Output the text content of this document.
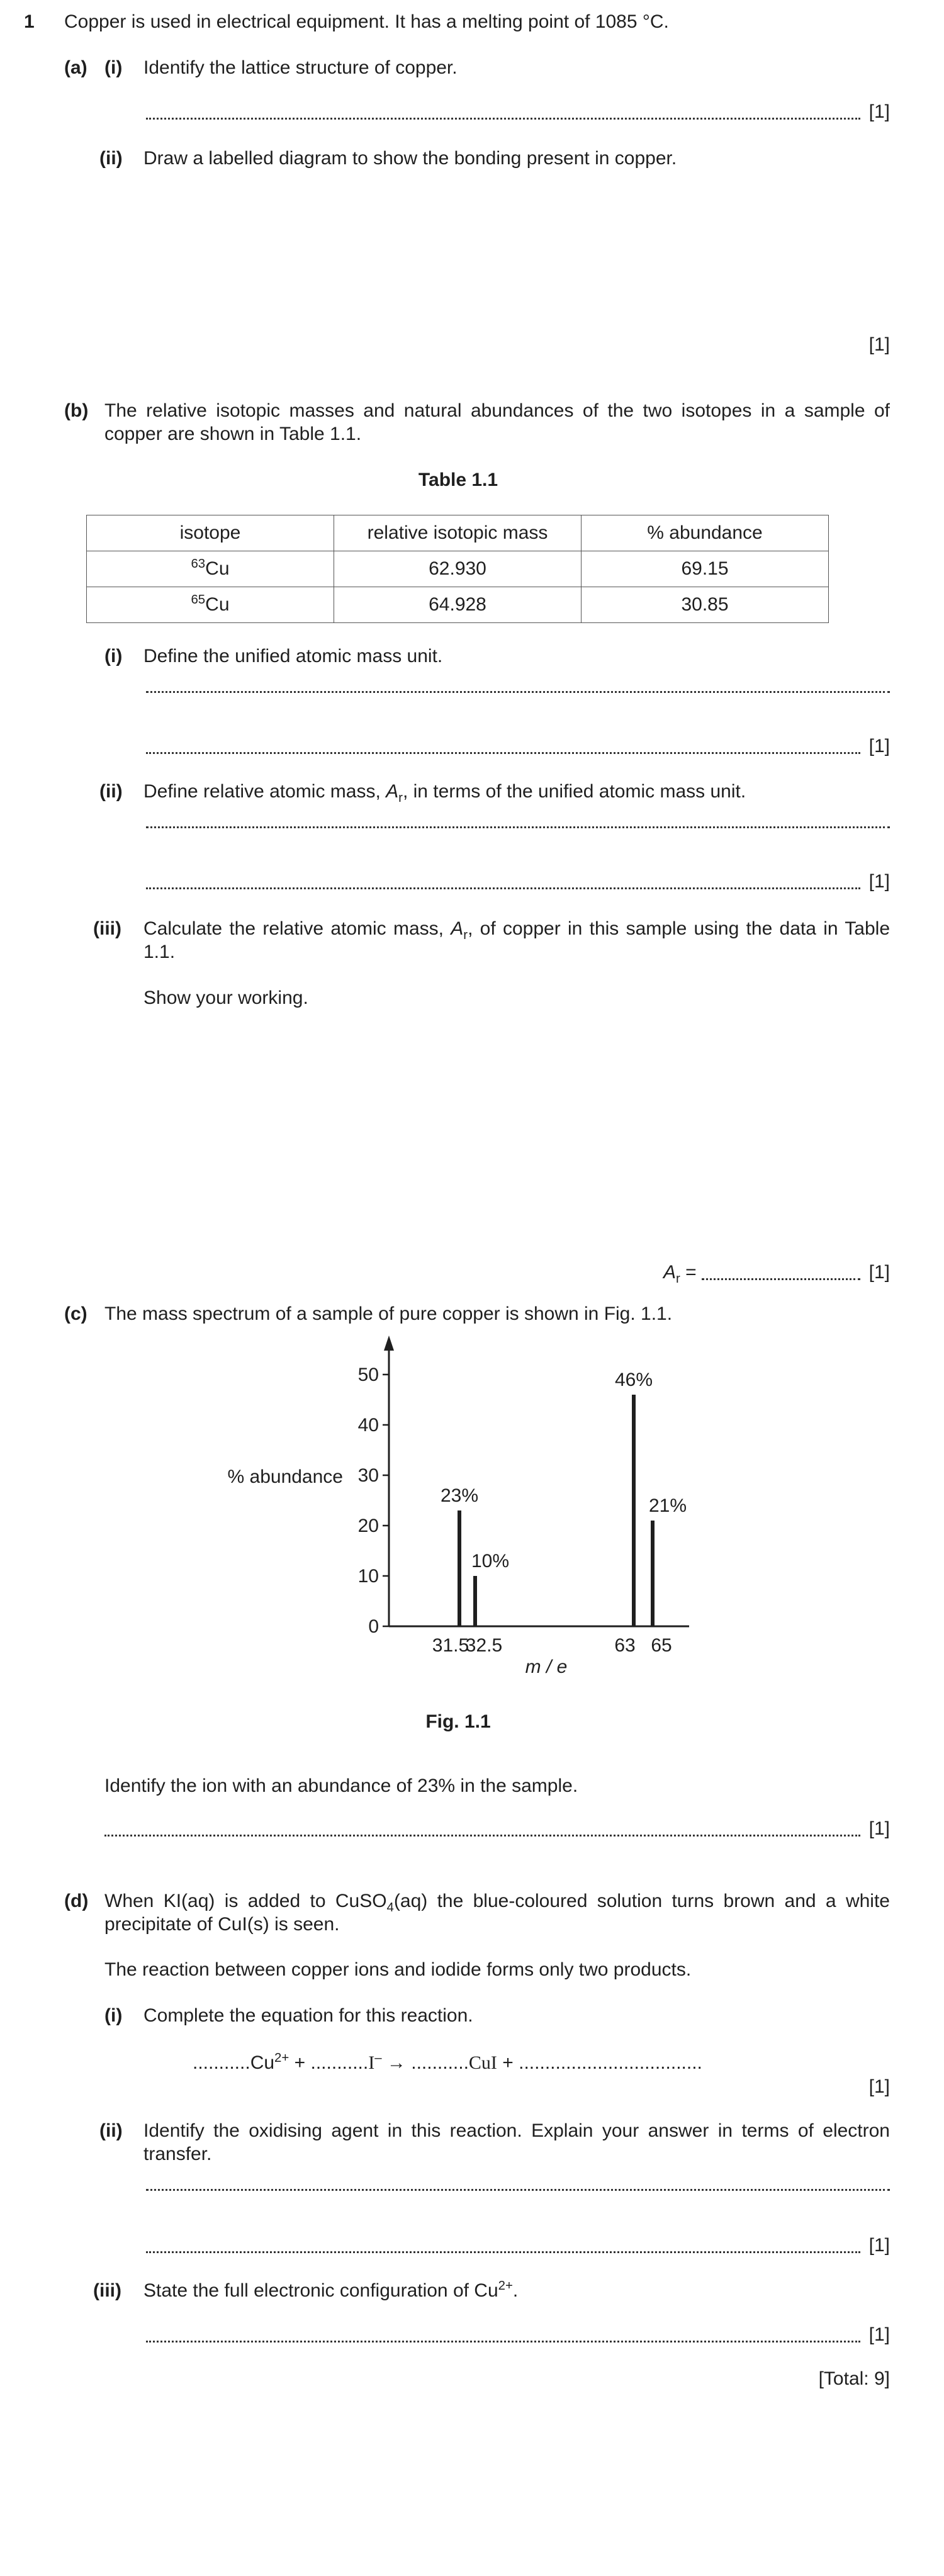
1 Copper is used in electrical equipment. It has a melting point of 1085 °C.
(a) (i) Identify the lattice structure of copper.
[1]
(ii) Draw a labelled diagram to show the bonding present in copper.
[1]
(b) The relative isotopic masses and natural abundances of the two isotopes in a sample of copper are shown in Table 1.1.
Table 1.1
isotope	relative isotopic mass	% abundance
$^{63}$Cu	62.930	69.15
$^{65}$Cu	64.928	30.85
(i) Define the unified atomic mass unit.
[1]
(ii) Define relative atomic mass, $A_r$, in terms of the unified atomic mass unit.
[1]
(iii) Calculate the relative atomic mass, $A_r$, of copper in this sample using the data in Table 1.1.
Show your working.
$A_r$ =	[1]
(c) The mass spectrum of a sample of pure copper is shown in Fig. 1.1.
0
10
20
30
40
50
23%
31.5
10%
32.5
46%
63
21%
65
% abundance
m / e
Fig. 1.1
Identify the ion with an abundance of 23% in the sample.
[1]
(d) When KI(aq) is added to CuSO$_4$(aq) the blue-coloured solution turns brown and a white precipitate of CuI(s) is seen.
The reaction between copper ions and iodide forms only two products.
(i) Complete the equation for this reaction.
$...........Cu^{2+} + ...........I^- \to ...........CuI$ + ...................................
[1]
(ii) Identify the oxidising agent in this reaction. Explain your answer in terms of electron transfer.
[1]
(iii) State the full electronic configuration of $Cu^{2+}$.
[1]
[Total: 9]
